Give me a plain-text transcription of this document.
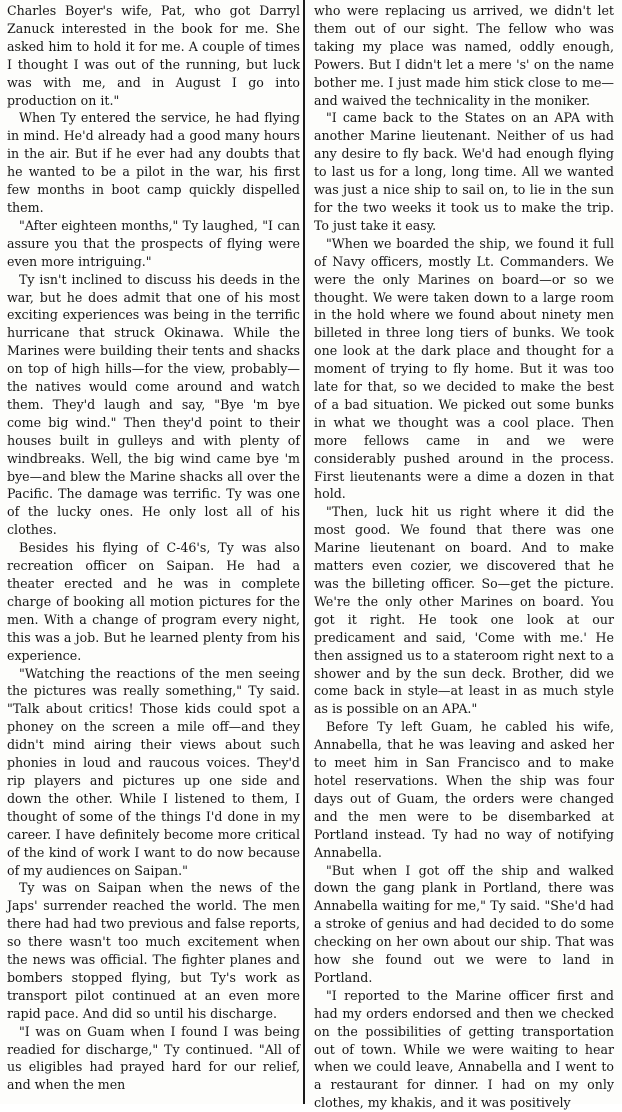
Charles Boyer's wife, Pat, who got Darryl Zanuck interested in the book for me. She asked him to hold it for me. A couple of times I thought I was out of the running, but luck was with me, and in August I go into production on it."

When Ty entered the service, he had flying in mind. He'd already had a good many hours in the air. But if he ever had any doubts that he wanted to be a pilot in the war, his first few months in boot camp quickly dispelled them.

"After eighteen months," Ty laughed, "I can assure you that the prospects of flying were even more intriguing."

Ty isn't inclined to discuss his deeds in the war, but he does admit that one of his most exciting experiences was being in the terrific hurricane that struck Okinawa. While the Marines were building their tents and shacks on top of high hills—for the view, probably—the natives would come around and watch them. They'd laugh and say, "Bye 'm bye come big wind." Then they'd point to their houses built in gulleys and with plenty of windbreaks. Well, the big wind came bye 'm bye—and blew the Marine shacks all over the Pacific. The damage was terrific. Ty was one of the lucky ones. He only lost all of his clothes.

Besides his flying of C-46's, Ty was also recreation officer on Saipan. He had a theater erected and he was in complete charge of booking all motion pictures for the men. With a change of program every night, this was a job. But he learned plenty from his experience.

"Watching the reactions of the men seeing the pictures was really something," Ty said. "Talk about critics! Those kids could spot a phoney on the screen a mile off—and they didn't mind airing their views about such phonies in loud and raucous voices. They'd rip players and pictures up one side and down the other. While I listened to them, I thought of some of the things I'd done in my career. I have definitely become more critical of the kind of work I want to do now because of my audiences on Saipan."

Ty was on Saipan when the news of the Japs' surrender reached the world. The men there had had two previous and false reports, so there wasn't too much excitement when the news was official. The fighter planes and bombers stopped flying, but Ty's work as transport pilot continued at an even more rapid pace. And did so until his discharge.

"I was on Guam when I found I was being readied for discharge," Ty continued. "All of us eligibles had prayed hard for our relief, and when the men

who were replacing us arrived, we didn't let them out of our sight. The fellow who was taking my place was named, oddly enough, Powers. But I didn't let a mere 's' on the name bother me. I just made him stick close to me—and waived the technicality in the moniker.

"I came back to the States on an APA with another Marine lieutenant. Neither of us had any desire to fly back. We'd had enough flying to last us for a long, long time. All we wanted was just a nice ship to sail on, to lie in the sun for the two weeks it took us to make the trip. To just take it easy.

"When we boarded the ship, we found it full of Navy officers, mostly Lt. Commanders. We were the only Marines on board—or so we thought. We were taken down to a large room in the hold where we found about ninety men billeted in three long tiers of bunks. We took one look at the dark place and thought for a moment of trying to fly home. But it was too late for that, so we decided to make the best of a bad situation. We picked out some bunks in what we thought was a cool place. Then more fellows came in and we were considerably pushed around in the process. First lieutenants were a dime a dozen in that hold.

"Then, luck hit us right where it did the most good. We found that there was one Marine lieutenant on board. And to make matters even cozier, we discovered that he was the billeting officer. So—get the picture. We're the only other Marines on board. You got it right. He took one look at our predicament and said, 'Come with me.' He then assigned us to a stateroom right next to a shower and by the sun deck. Brother, did we come back in style—at least in as much style as is possible on an APA."

Before Ty left Guam, he cabled his wife, Annabella, that he was leaving and asked her to meet him in San Francisco and to make hotel reservations. When the ship was four days out of Guam, the orders were changed and the men were to be disembarked at Portland instead. Ty had no way of notifying Annabella.

"But when I got off the ship and walked down the gang plank in Portland, there was Annabella waiting for me," Ty said. "She'd had a stroke of genius and had decided to do some checking on her own about our ship. That was how she found out we were to land in Portland.

"I reported to the Marine officer first and had my orders endorsed and then we checked on the possibilities of getting transportation out of town. While we were waiting to hear when we could leave, Annabella and I went to a restaurant for dinner. I had on my only clothes, my khakis, and it was positively
